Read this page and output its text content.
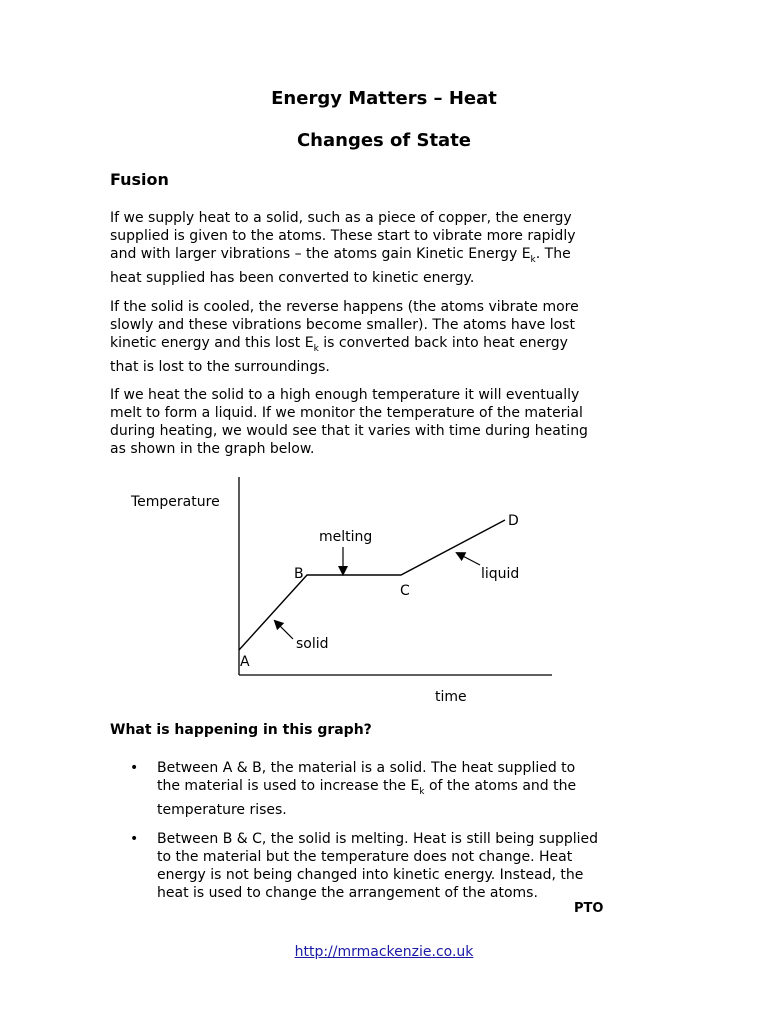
Energy Matters – Heat
Changes of State
Fusion

If we supply heat to a solid, such as a piece of copper, the energy
supplied is given to the atoms. These start to vibrate more rapidly
and with larger vibrations – the atoms gain Kinetic Energy $E_k$. The
heat supplied has been converted to kinetic energy.

If the solid is cooled, the reverse happens (the atoms vibrate more
slowly and these vibrations become smaller). The atoms have lost
kinetic energy and this lost $E_k$ is converted back into heat energy
that is lost to the surroundings.

If we heat the solid to a high enough temperature it will eventually
melt to form a liquid. If we monitor the temperature of the material
during heating, we would see that it varies with time during heating
as shown in the graph below.

Temperature
time
A
B
C
D
melting
liquid
solid
What is happening in this graph?
• Between A & B, the material is a solid. The heat supplied to
the material is used to increase the $E_k$ of the atoms and the
temperature rises.
• Between B & C, the solid is melting. Heat is still being supplied
to the material but the temperature does not change. Heat
energy is not being changed into kinetic energy. Instead, the
heat is used to change the arrangement of the atoms.
PTO
http://mrmackenzie.co.uk
